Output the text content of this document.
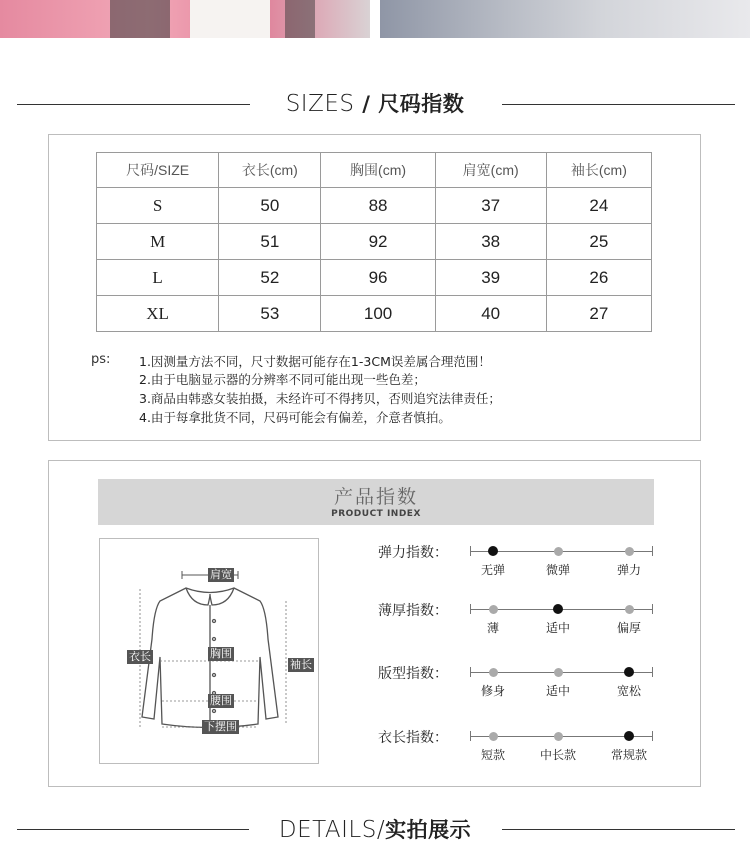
SIZES / 尺码指数
尺码/SIZE	衣长(cm)	胸围(cm)	肩宽(cm)	袖长(cm)
S	50	88	37	24
M	51	92	38	25
L	52	96	39	26
XL	53	100	40	27
ps: 1.因测量方法不同，尺寸数据可能存在1-3CM误差属合理范围！
2.由于电脑显示器的分辨率不同可能出现一些色差；
3.商品由韩惑女装拍摄，未经许可不得拷贝，否则追究法律责任；
4.由于每拿批货不同，尺码可能会有偏差，介意者慎拍。
产品指数
PRODUCT INDEX
肩宽
衣长	胸围
袖长
腰围
下摆围
弹力指数：
无弹	微弹	弹力
薄厚指数：
薄	适中	偏厚
版型指数：
修身	适中	宽松
衣长指数：
短款	中长款	常规款
DETAILS/实拍展示
